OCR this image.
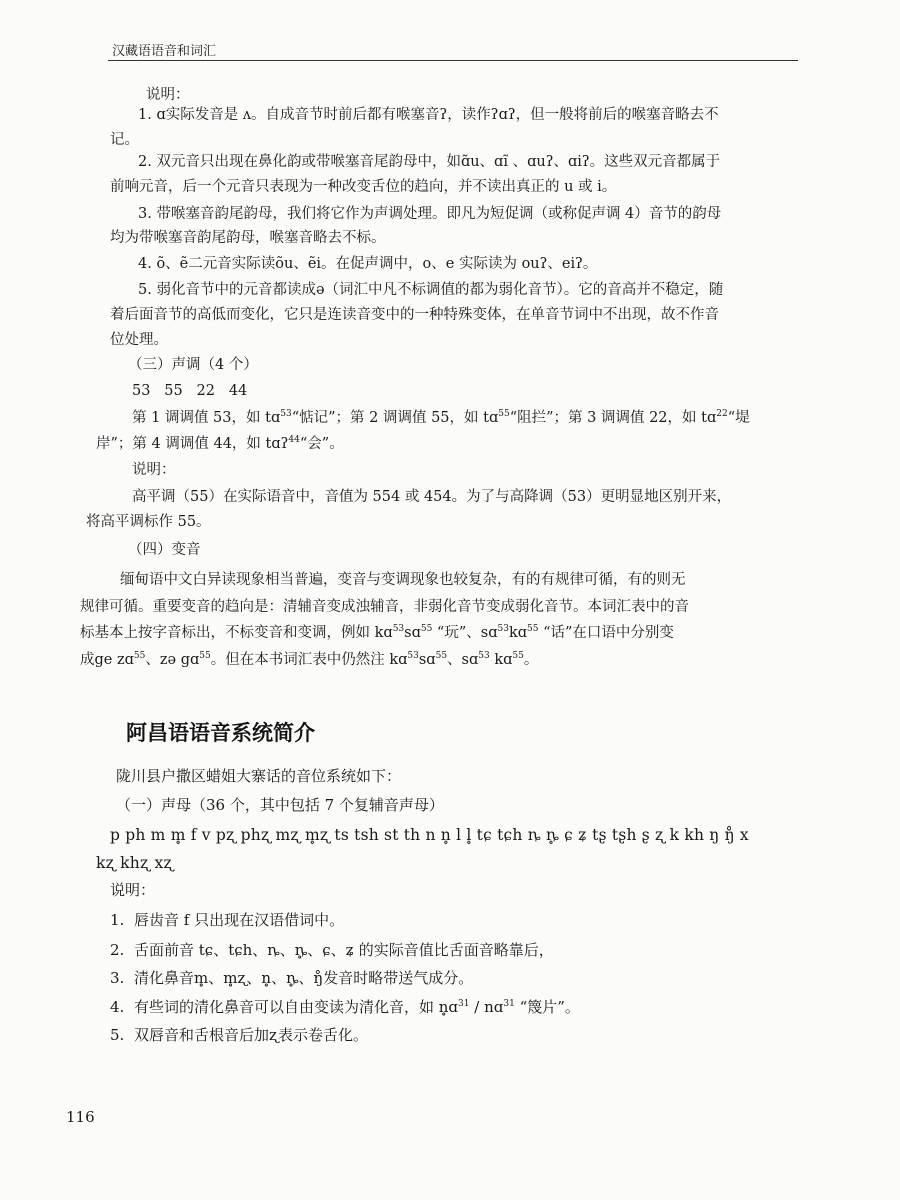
汉藏语语音和词汇
说明：
1. ɑ实际发音是 ʌ。自成音节时前后都有喉塞音ʔ，读作ʔɑʔ，但一般将前后的喉塞音略去不
记。
2. 双元音只出现在鼻化韵或带喉塞音尾韵母中，如ɑ̃u、ɑĩ 、ɑuʔ、ɑiʔ。这些双元音都属于
前响元音，后一个元音只表现为一种改变舌位的趋向，并不读出真正的 u 或 i。
3. 带喉塞音韵尾韵母，我们将它作为声调处理。即凡为短促调（或称促声调 4）音节的韵母
均为带喉塞音韵尾韵母，喉塞音略去不标。
4. õ、ẽ二元音实际读õu、ẽi。在促声调中，o、e 实际读为 ouʔ、eiʔ。
5. 弱化音节中的元音都读成ə（词汇中凡不标调值的都为弱化音节）。它的音高并不稳定，随
着后面音节的高低而变化，它只是连读音变中的一种特殊变体，在单音节词中不出现，故不作音
位处理。
（三）声调（4 个）
53   55   22   44
第 1 调调值 53，如 tɑ$^{53}$“惦记”；第 2 调调值 55，如 tɑ$^{55}$“阻拦”；第 3 调调值 22，如 tɑ$^{22}$“堤
岸”；第 4 调调值 44，如 tɑʔ$^{44}$“会”。
说明：
高平调（55）在实际语音中，音值为 554 或 454。为了与高降调（53）更明显地区别开来，
将高平调标作 55。
（四）变音
缅甸语中文白异读现象相当普遍，变音与变调现象也较复杂，有的有规律可循，有的则无
规律可循。重要变音的趋向是：清辅音变成浊辅音，非弱化音节变成弱化音节。本词汇表中的音
标基本上按字音标出，不标变音和变调，例如 kɑ$^{53}$sɑ$^{55}$ “玩”、sɑ$^{53}$kɑ$^{55}$ “话”在口语中分别变
成ge zɑ$^{55}$、zə gɑ$^{55}$。但在本书词汇表中仍然注 kɑ$^{53}$sɑ$^{55}$、sɑ$^{53}$ kɑ$^{55}$。
阿昌语语音系统简介
陇川县户撒区蜡姐大寨话的音位系统如下：
（一）声母（36 个，其中包括 7 个复辅音声母）
p ph m m̥ f v pʐ phʐ mʐ m̥ʐ ts tsh st th n n̥ l l̥ tɕ tɕh ȵ ȵ̥ ɕ ʑ tʂ tʂh ʂ ʐ k kh ŋ ŋ̊ x
kʐ khʐ xʐ
说明：
1. 唇齿音 f 只出现在汉语借词中。
2. 舌面前音 tɕ、tɕh、ȵ、ȵ̥、ɕ、ʑ 的实际音值比舌面音略靠后，
3. 清化鼻音m̥、m̥ʐ、n̥、ȵ̥、ŋ̊发音时略带送气成分。
4. 有些词的清化鼻音可以自由变读为清化音，如 n̥ɑ$^{31}$ / nɑ$^{31}$ “篾片”。
5. 双唇音和舌根音后加ʐ表示卷舌化。
116
